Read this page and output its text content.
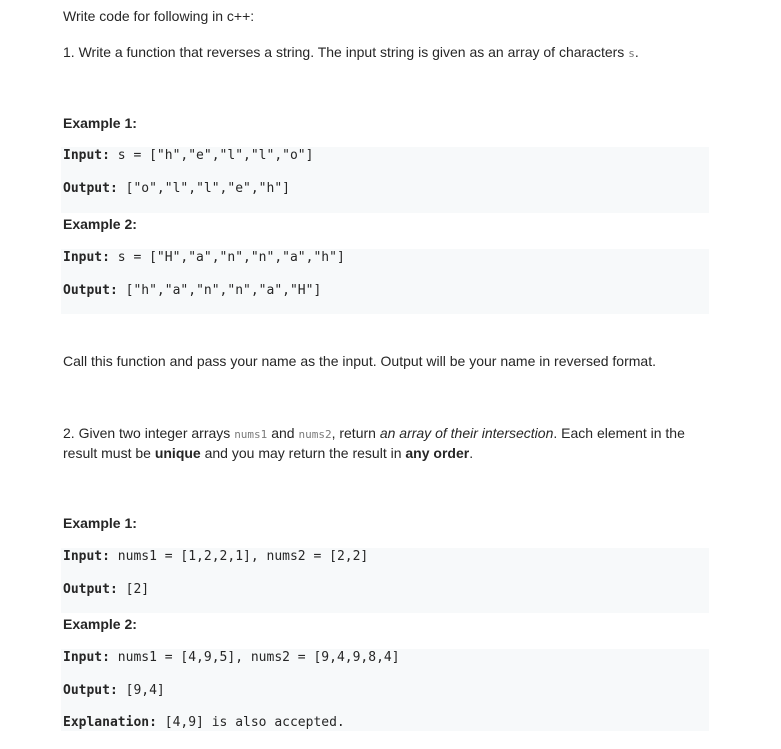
Write code for following in c++:
1. Write a function that reverses a string. The input string is given as an array of characters s.
Example 1:
Input: s = ["h","e","l","l","o"]
Output: ["o","l","l","e","h"]
Example 2:
Input: s = ["H","a","n","n","a","h"]
Output: ["h","a","n","n","a","H"]
Call this function and pass your name as the input. Output will be your name in reversed format.
2. Given two integer arrays nums1 and nums2, return an array of their intersection. Each element in the result must be unique and you may return the result in any order.
Example 1:
Input: nums1 = [1,2,2,1], nums2 = [2,2]
Output: [2]
Example 2:
Input: nums1 = [4,9,5], nums2 = [9,4,9,8,4]
Output: [9,4]
Explanation: [4,9] is also accepted.
